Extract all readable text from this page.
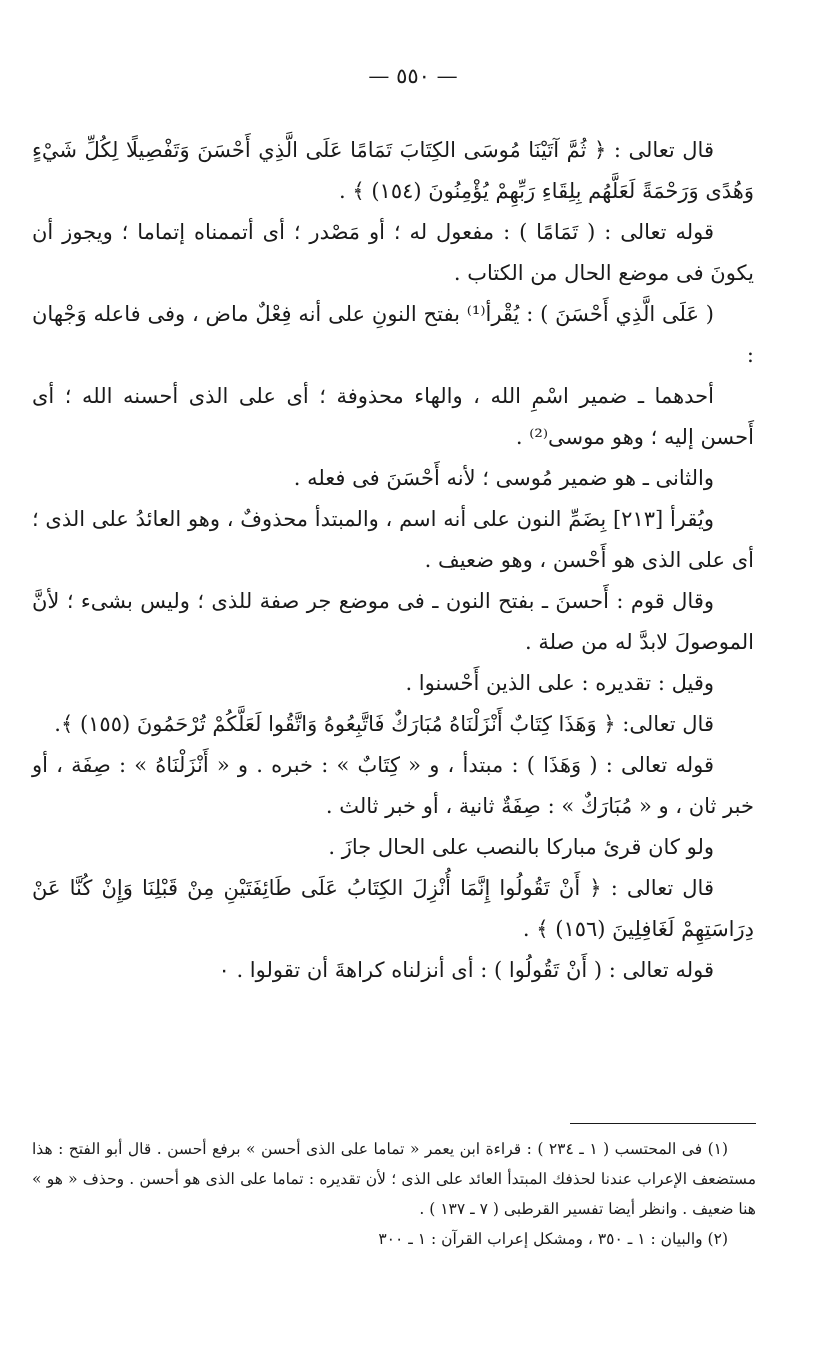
— ٥٥٠ —

قال تعالى : ﴿ ثُمَّ آتَيْنَا مُوسَى الكِتَابَ تَمَامًا عَلَى الَّذِي أَحْسَنَ وَتَفْصِيلًا لِكُلِّ شَيْءٍ وَهُدًى وَرَحْمَةً لَعَلَّهُم بِلِقَاءِ رَبِّهِمْ يُؤْمِنُونَ (١٥٤) ﴾ .

قوله تعالى : ( تَمَامًا ) : مفعول له ؛ أو مَصْدر ؛ أى أتممناه إتماما ؛ ويجوز أن يكونَ فى موضع الحال من الكتاب .

( عَلَى الَّذِي أَحْسَنَ ) : يُقْرأ⁽¹⁾ بفتح النونِ على أنه فِعْلٌ ماض ، وفى فاعله وَجْهان :

أحدهما ـ ضمير اسْمِ الله ، والهاء محذوفة ؛ أى على الذى أحسنه الله ؛ أى أَحسن إليه ؛ وهو موسى⁽²⁾ .

والثانى ـ هو ضمير مُوسى ؛ لأنه أَحْسَنَ فى فعله .

ويُقرأ [٢١٣] بِضَمِّ النون على أنه اسم ، والمبتدأ محذوفٌ ، وهو العائدُ على الذى ؛ أى على الذى هو أَحْسن ، وهو ضعيف .

وقال قوم : أَحسنَ ـ بفتح النون ـ فى موضع جر صفة للذى ؛ وليس بشىء ؛ لأنَّ الموصولَ لابدَّ له من صلة .

وقيل : تقديره : على الذين أَحْسنوا .

قال تعالى: ﴿ وَهَذَا كِتَابٌ أَنْزَلْنَاهُ مُبَارَكٌ فَاتَّبِعُوهُ وَاتَّقُوا لَعَلَّكُمْ تُرْحَمُونَ (١٥٥) ﴾.

قوله تعالى : ( وَهَذَا ) : مبتدأ ، و « كِتَابٌ » : خبره . و « أَنْزَلْنَاهُ » : صِفَة ، أو خبر ثان ، و « مُبَارَكٌ » : صِفَةٌ ثانية ، أو خبر ثالث .

ولو كان قرئ مباركا بالنصب على الحال جازَ .

قال تعالى : ﴿ أَنْ تَقُولُوا إِنَّمَا أُنْزِلَ الكِتَابُ عَلَى طَائِفَتَيْنِ مِنْ قَبْلِنَا وَإِنْ كُنَّا عَنْ دِرَاسَتِهِمْ لَغَافِلِينَ (١٥٦) ﴾ .

قوله تعالى : ( أَنْ تَقُولُوا ) : أى أنزلناه كراهةَ أن تقولوا . ٠

(١) فى المحتسب ( ١ ـ ٢٣٤ ) : قراءة ابن يعمر « تماما على الذى أحسن » برفع أحسن . قال أبو الفتح : هذا مستضعف الإعراب عندنا لحذفك المبتدأ العائد على الذى ؛ لأن تقديره : تماما على الذى هو أحسن . وحذف « هو » هنا ضعيف . وانظر أيضا تفسير القرطبى ( ٧ ـ ١٣٧ ) .

(٢) والبيان : ١ ـ ٣٥٠ ، ومشكل إعراب القرآن : ١ ـ ٣٠٠
